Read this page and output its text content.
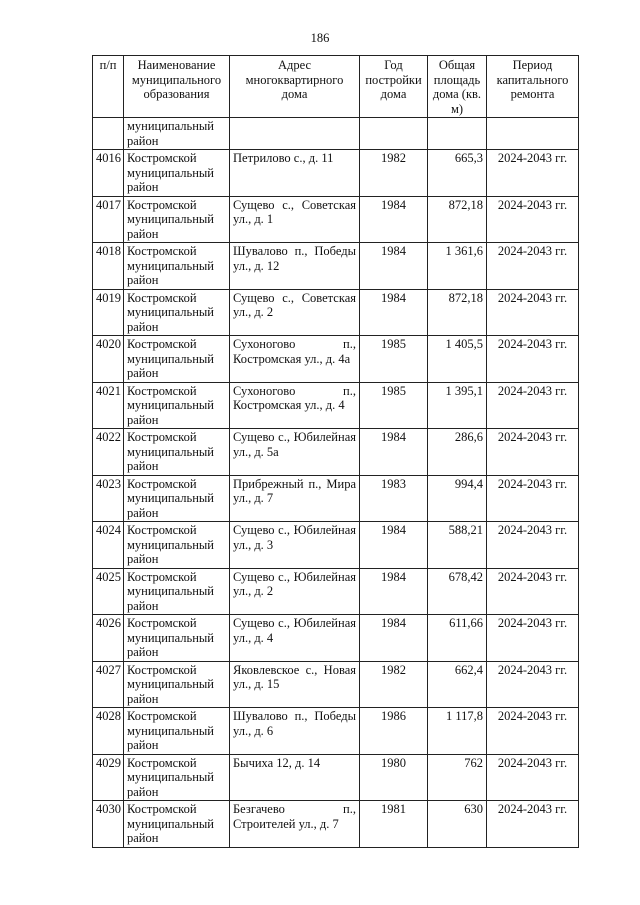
186
п/п	Наименование муниципального образования	Адрес многоквартирного дома	Год постройки дома	Общая площадь дома (кв. м)	Период капитального ремонта
	муниципальный район				
4016	Костромской муниципальный район	Петрилово с., д. 11	1982	665,3	2024-2043 гг.
4017	Костромской муниципальный район	Сущево с., Советская ул., д. 1	1984	872,18	2024-2043 гг.
4018	Костромской муниципальный район	Шувалово п., Победы ул., д. 12	1984	1 361,6	2024-2043 гг.
4019	Костромской муниципальный район	Сущево с., Советская ул., д. 2	1984	872,18	2024-2043 гг.
4020	Костромской муниципальный район	Сухоногово п., Костромская ул., д. 4а	1985	1 405,5	2024-2043 гг.
4021	Костромской муниципальный район	Сухоногово п., Костромская ул., д. 4	1985	1 395,1	2024-2043 гг.
4022	Костромской муниципальный район	Сущево с., Юбилейная ул., д. 5а	1984	286,6	2024-2043 гг.
4023	Костромской муниципальный район	Прибрежный п., Мира ул., д. 7	1983	994,4	2024-2043 гг.
4024	Костромской муниципальный район	Сущево с., Юбилейная ул., д. 3	1984	588,21	2024-2043 гг.
4025	Костромской муниципальный район	Сущево с., Юбилейная ул., д. 2	1984	678,42	2024-2043 гг.
4026	Костромской муниципальный район	Сущево с., Юбилейная ул., д. 4	1984	611,66	2024-2043 гг.
4027	Костромской муниципальный район	Яковлевское с., Новая ул., д. 15	1982	662,4	2024-2043 гг.
4028	Костромской муниципальный район	Шувалово п., Победы ул., д. 6	1986	1 117,8	2024-2043 гг.
4029	Костромской муниципальный район	Бычиха 12, д. 14	1980	762	2024-2043 гг.
4030	Костромской муниципальный район	Безгачево п., Строителей ул., д. 7	1981	630	2024-2043 гг.
